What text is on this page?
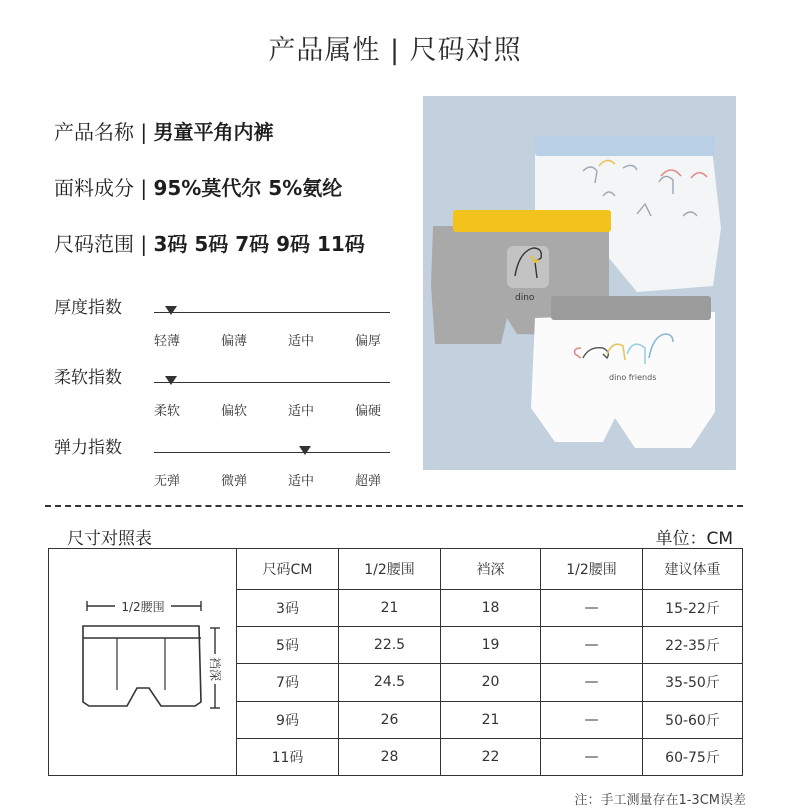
产品属性 | 尺码对照
产品名称 | 男童平角内裤
面料成分 | 95%莫代尔 5%氨纶
尺码范围 | 3码 5码 7码 9码 11码
厚度指数
轻薄	偏薄	适中	偏厚
柔软指数
柔软	偏软	适中	偏硬
弹力指数
无弹	微弹	适中	超弹
dino
dino friends
尺寸对照表	单位：CM
1/2腰围
裆深	尺码CM	1/2腰围	裆深	1/2腰围	建议体重
	3码	21	18	—	15-22斤
	5码	22.5	19	—	22-35斤
	7码	24.5	20	—	35-50斤
	9码	26	21	—	50-60斤
	11码	28	22	—	60-75斤
注：手工测量存在1-3CM误差
